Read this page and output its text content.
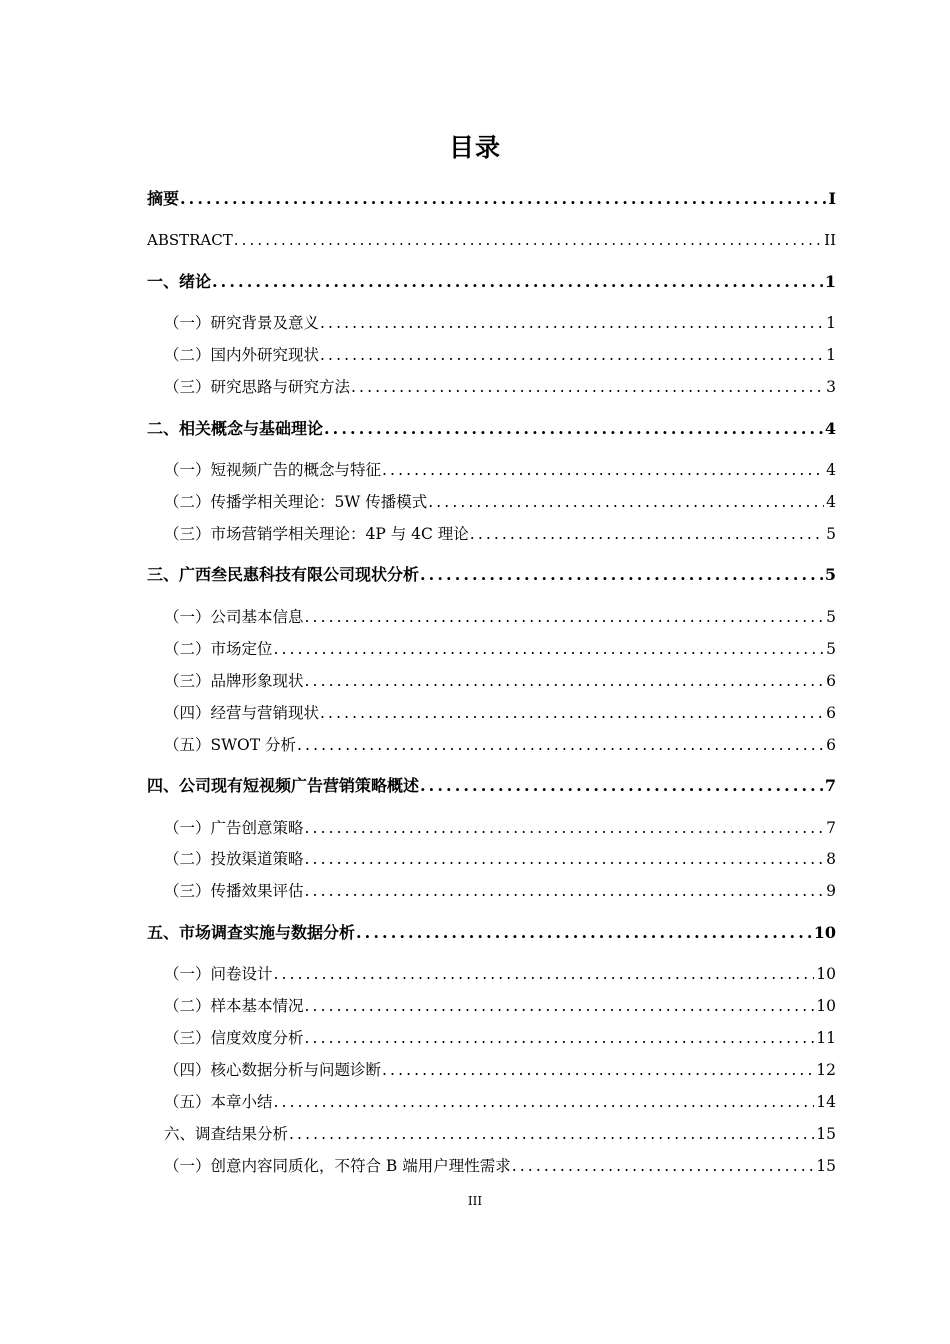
目录
摘要 .....	I
ABSTRACT .....	II
一、绪论 .....	1
（一）研究背景及意义 .....	1
（二）国内外研究现状 .....	1
（三）研究思路与研究方法 .....	3
二、相关概念与基础理论 .....	4
（一）短视频广告的概念与特征 .....	4
（二）传播学相关理论：5W 传播模式 .....	4
（三）市场营销学相关理论：4P 与 4C 理论 .....	5
三、广西叁民惠科技有限公司现状分析 .....	5
（一）公司基本信息 .....	5
（二）市场定位 .....	5
（三）品牌形象现状 .....	6
（四）经营与营销现状 .....	6
（五）SWOT 分析 .....	6
四、公司现有短视频广告营销策略概述 .....	7
（一）广告创意策略 .....	7
（二）投放渠道策略 .....	8
（三）传播效果评估 .....	9
五、市场调查实施与数据分析 .....	10
（一）问卷设计 .....	10
（二）样本基本情况 .....	10
（三）信度效度分析 .....	11
（四）核心数据分析与问题诊断 .....	12
（五）本章小结 .....	14
六、调查结果分析 .....	15
（一）创意内容同质化，不符合 B 端用户理性需求 .....	15
III
